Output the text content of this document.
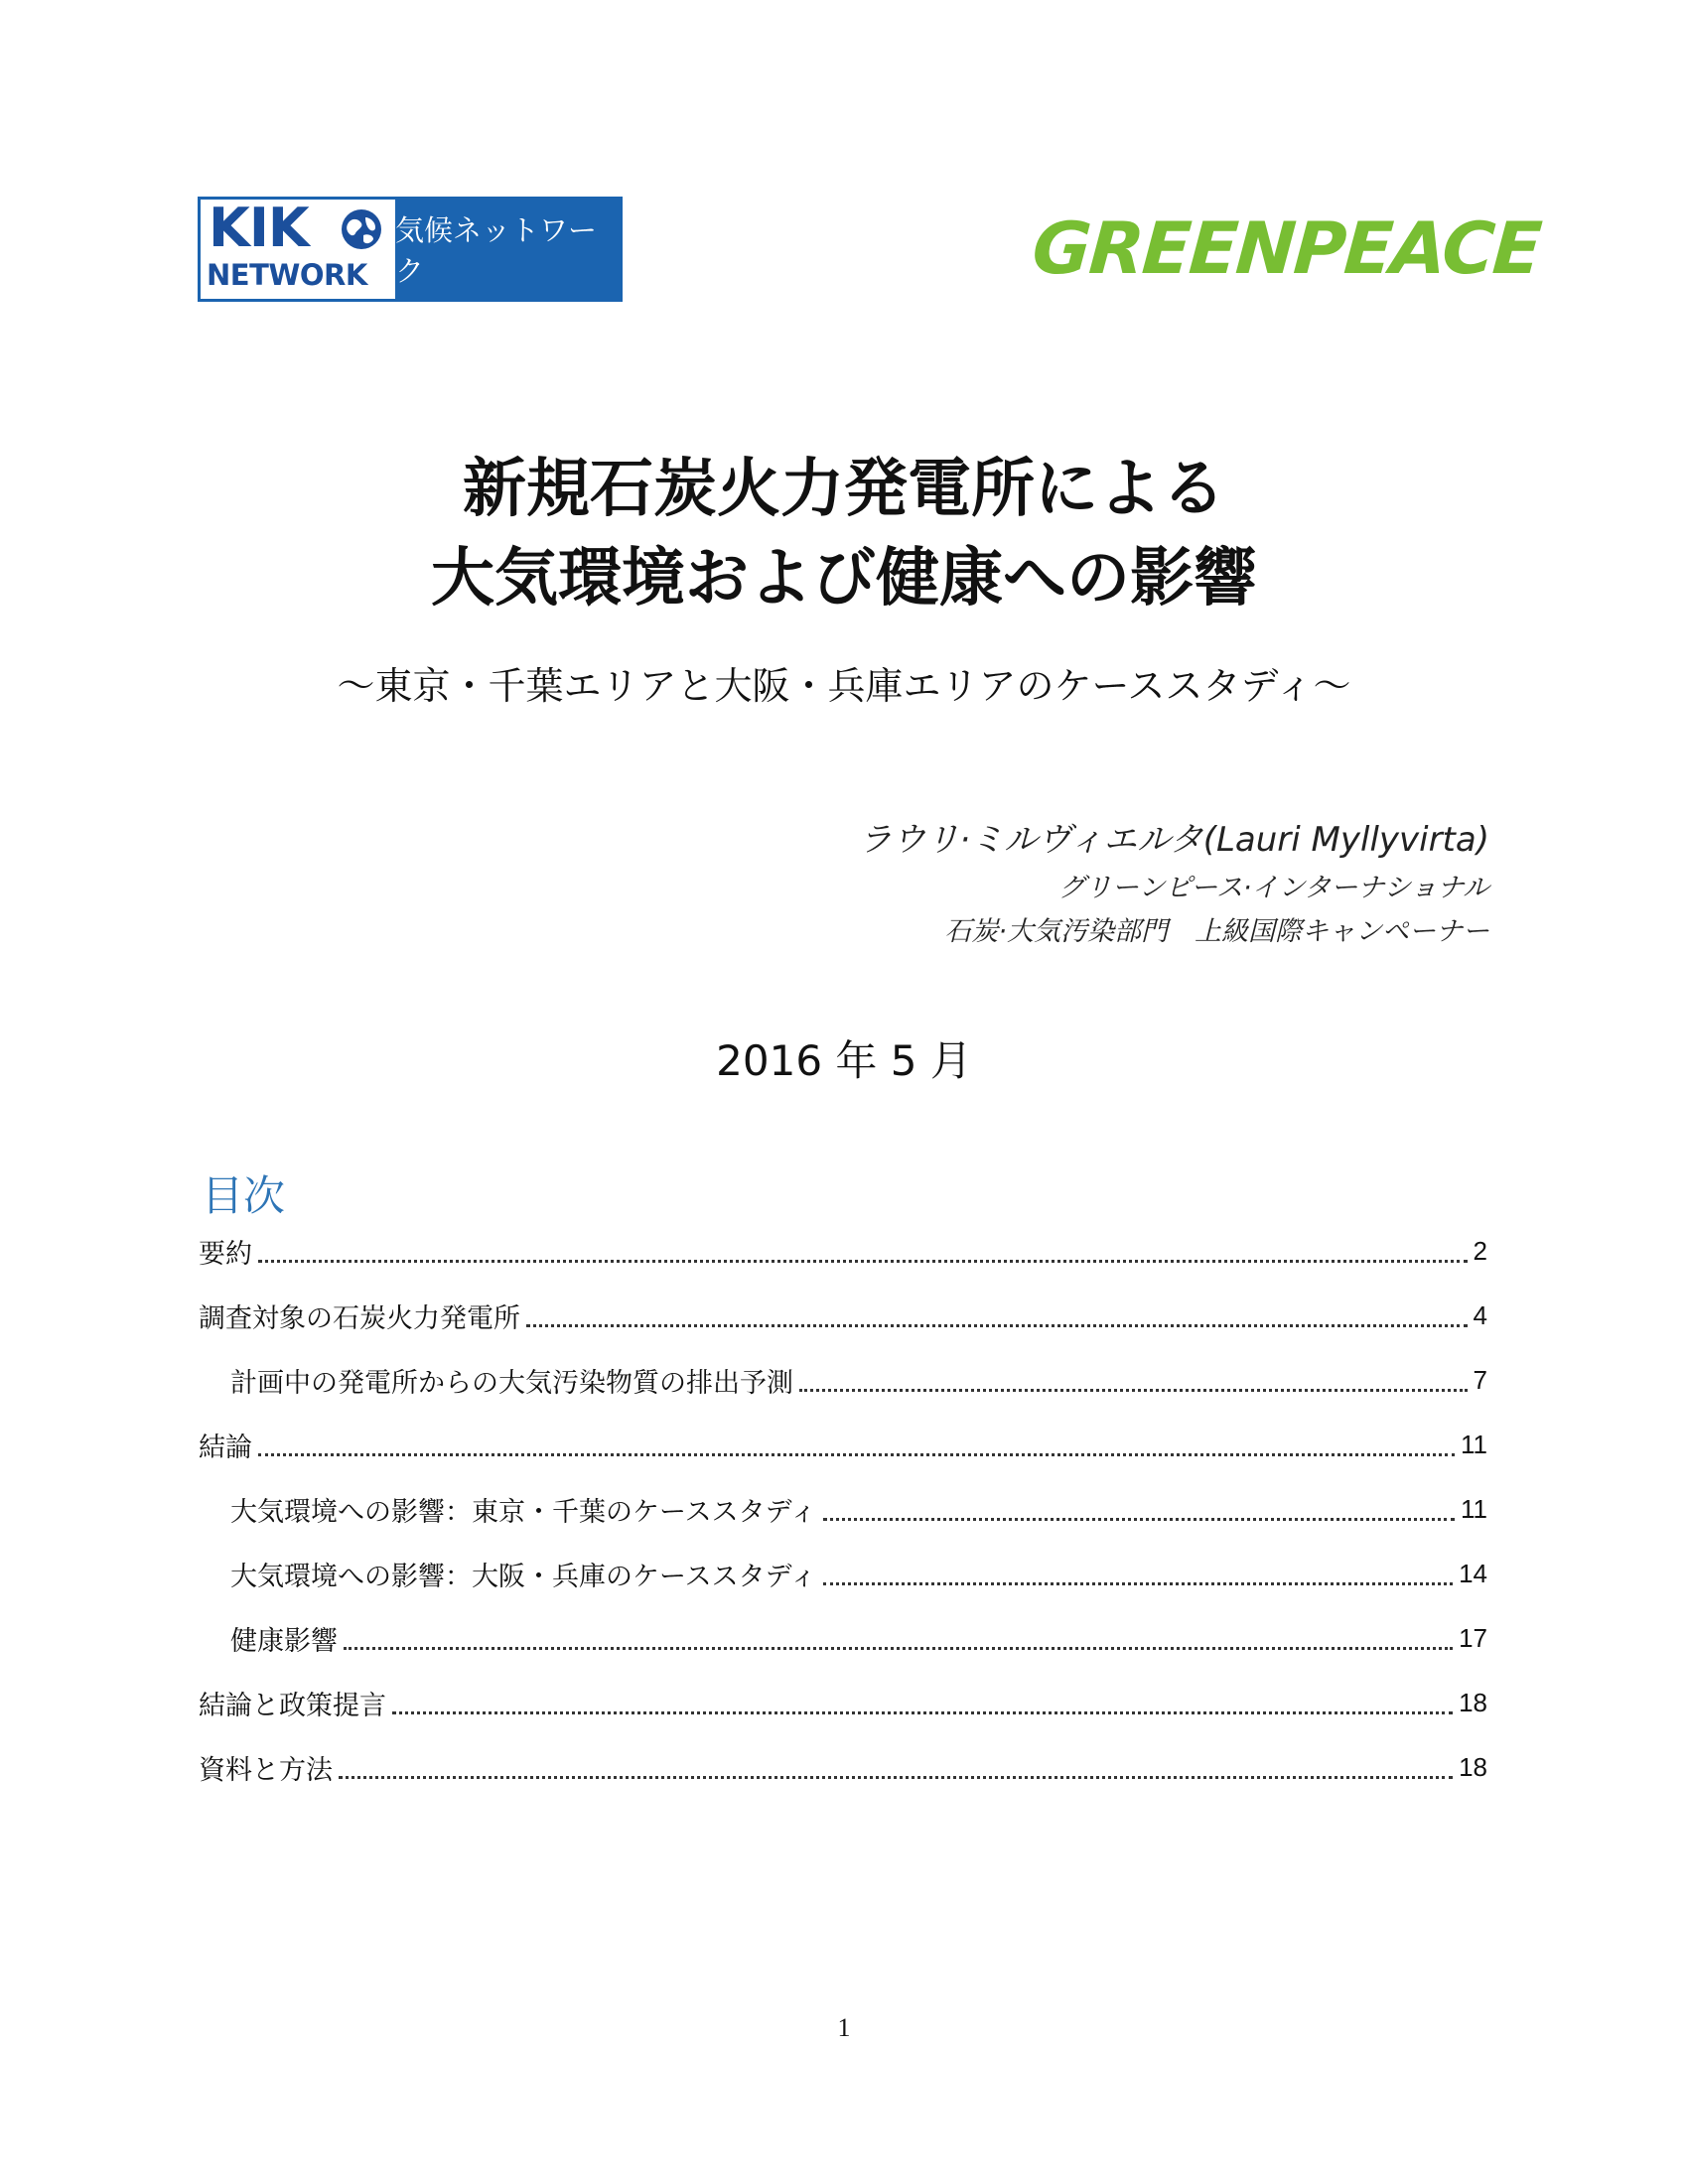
KIK
NETWORK
気候ネットワーク	GREENPEACE
新規石炭火力発電所による
大気環境および健康への影響
～東京・千葉エリアと大阪・兵庫エリアのケーススタディ～
ラウリ·ミルヴィエルタ(Lauri Myllyvirta)
グリーンピース·インターナショナル
石炭·大気汚染部門　上級国際キャンペーナー
2016 年 5 月
目次
要約	2
調査対象の石炭火力発電所	4
計画中の発電所からの大気汚染物質の排出予測	7
結論	11
大気環境への影響：東京・千葉のケーススタディ	11
大気環境への影響：大阪・兵庫のケーススタディ	14
健康影響	17
結論と政策提言	18
資料と方法	18
1
